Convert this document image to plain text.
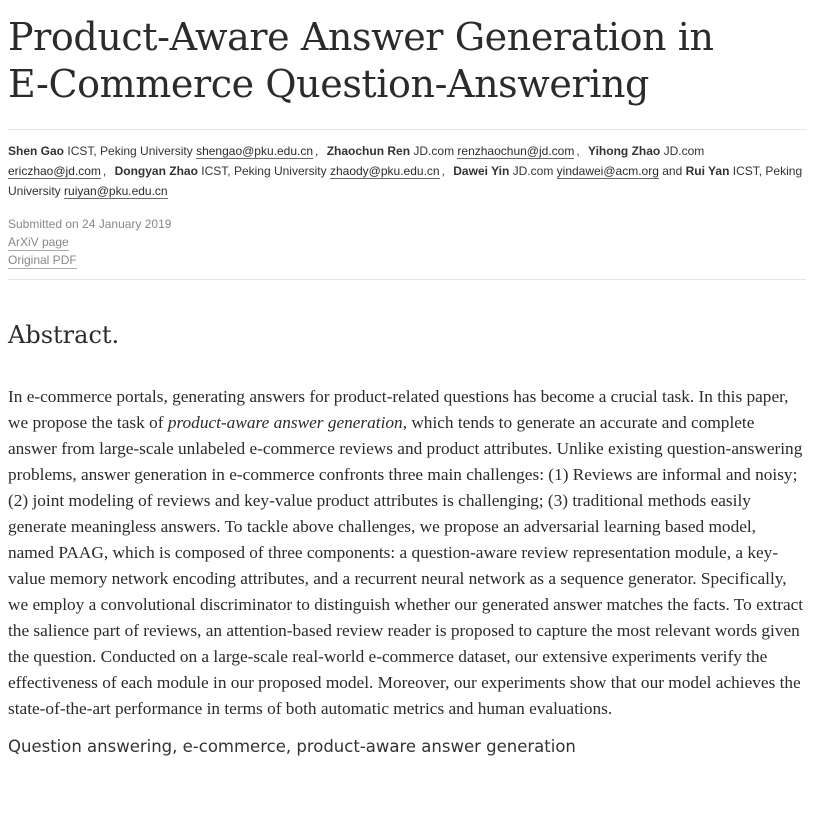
Product-Aware Answer Generation in
E-Commerce Question-Answering
Shen Gao ICST, Peking University shengao@pku.edu.cn , Zhaochun Ren JD.com renzhaochun@jd.com , Yihong Zhao JD.com ericzhao@jd.com , Dongyan Zhao ICST, Peking University zhaody@pku.edu.cn , Dawei Yin JD.com yindawei@acm.org and Rui Yan ICST, Peking University ruiyan@pku.edu.cn
Submitted on 24 January 2019
ArXiV page
Original PDF
Abstract.

In e-commerce portals, generating answers for product-related questions has become a crucial task. In this paper, we propose the task of product-aware answer generation, which tends to generate an accurate and complete answer from large-scale unlabeled e-commerce reviews and product attributes. Unlike existing question-answering problems, answer generation in e-commerce confronts three main challenges: (1) Reviews are informal and noisy; (2) joint modeling of reviews and key-value product attributes is challenging; (3) traditional methods easily generate meaningless answers. To tackle above challenges, we propose an adversarial learning based model, named PAAG, which is composed of three components: a question-aware review representation module, a key-value memory network encoding attributes, and a recurrent neural network as a sequence generator. Specifically, we employ a convolutional discriminator to distinguish whether our generated answer matches the facts. To extract the salience part of reviews, an attention-based review reader is proposed to capture the most relevant words given the question. Conducted on a large-scale real-world e-commerce dataset, our extensive experiments verify the effectiveness of each module in our proposed model. Moreover, our experiments show that our model achieves the state-of-the-art performance in terms of both automatic metrics and human evaluations.

Question answering, e-commerce, product-aware answer generation
